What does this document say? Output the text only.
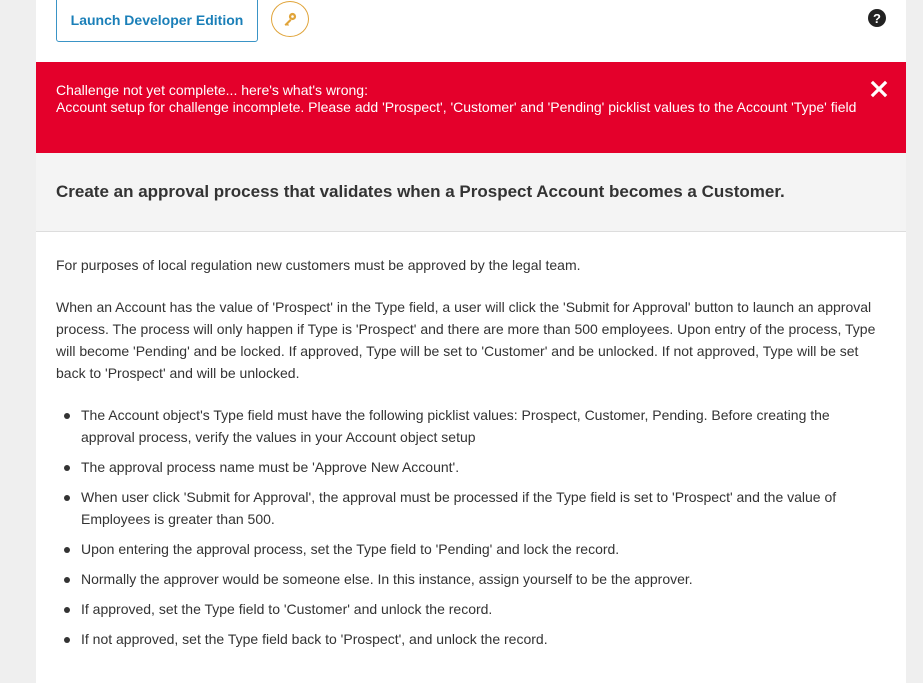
Launch Developer Edition	?
Challenge not yet complete... here's what's wrong:
Account setup for challenge incomplete. Please add 'Prospect', 'Customer' and 'Pending' picklist values to the Account 'Type' field
Create an approval process that validates when a Prospect Account becomes a Customer.

For purposes of local regulation new customers must be approved by the legal team.

When an Account has the value of 'Prospect' in the Type field, a user will click the 'Submit for Approval' button to launch an approval process. The process will only happen if Type is 'Prospect' and there are more than 500 employees. Upon entry of the process, Type will become 'Pending' and be locked. If approved, Type will be set to 'Customer' and be unlocked. If not approved, Type will be set back to 'Prospect' and will be unlocked.

The Account object's Type field must have the following picklist values: Prospect, Customer, Pending. Before creating the approval process, verify the values in your Account object setup
The approval process name must be 'Approve New Account'.
When user click 'Submit for Approval', the approval must be processed if the Type field is set to 'Prospect' and the value of Employees is greater than 500.
Upon entering the approval process, set the Type field to 'Pending' and lock the record.
Normally the approver would be someone else. In this instance, assign yourself to be the approver.
If approved, set the Type field to 'Customer' and unlock the record.
If not approved, set the Type field back to 'Prospect', and unlock the record.
